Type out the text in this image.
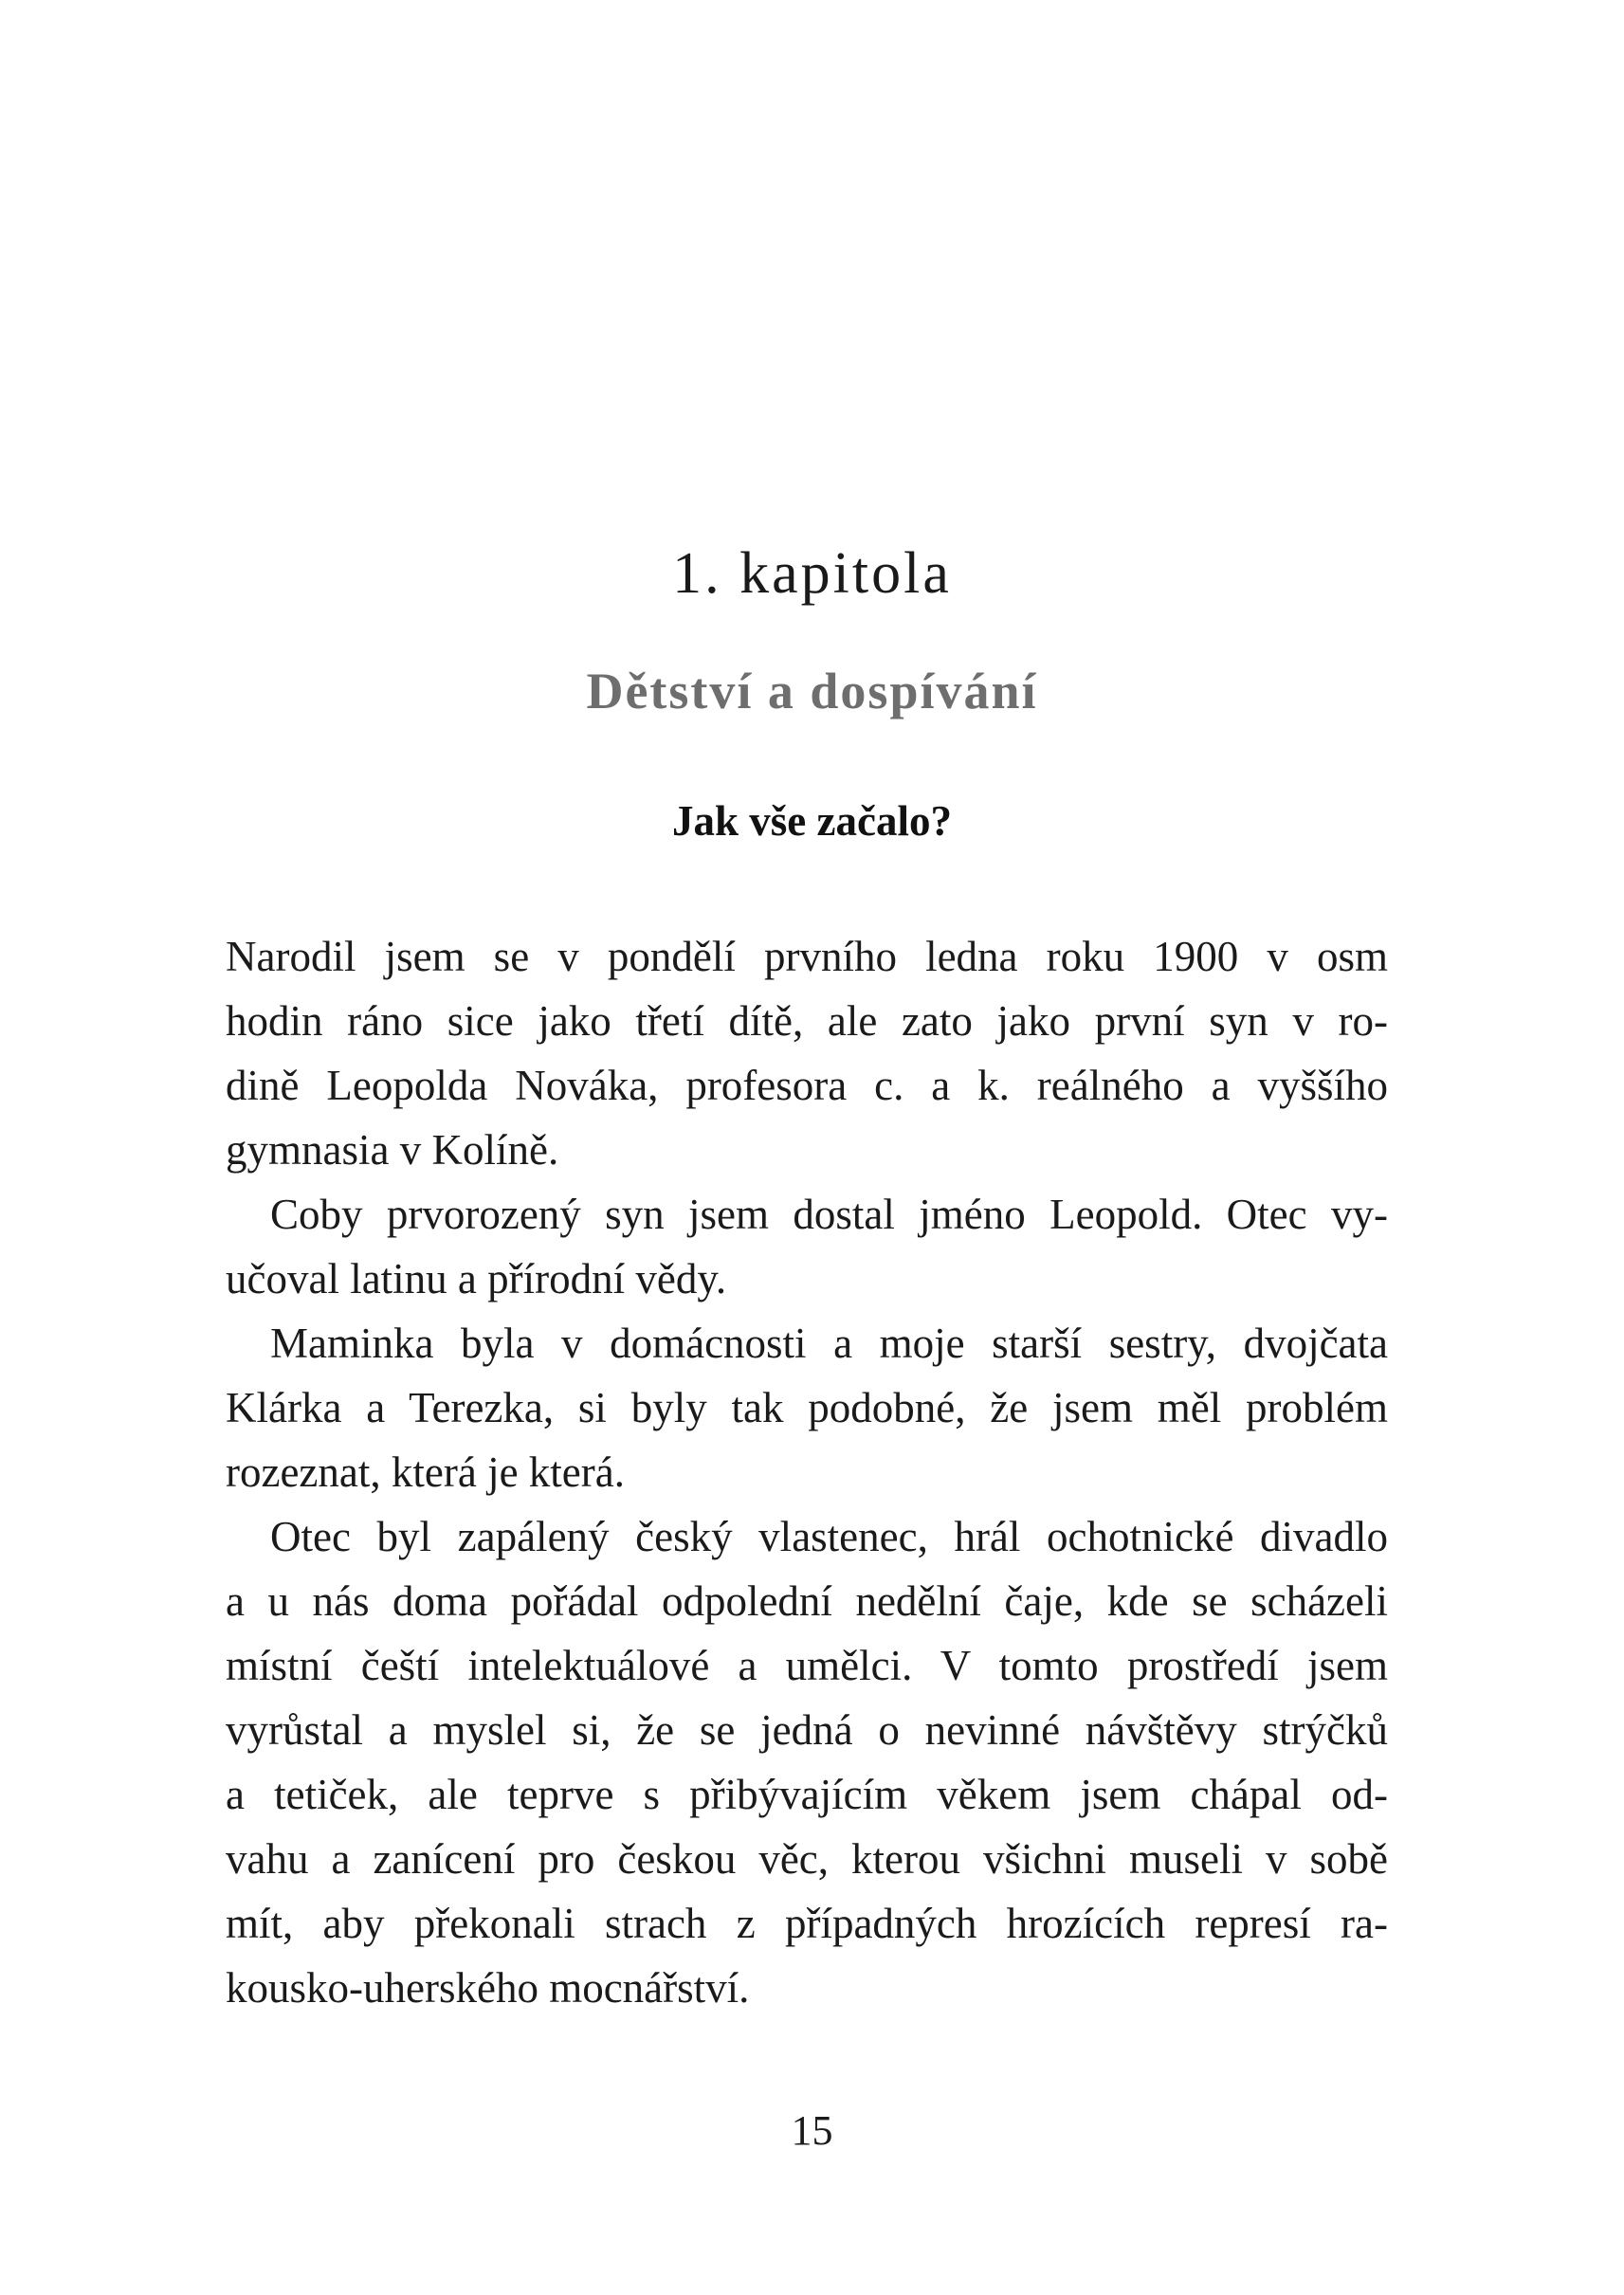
1. kapitola
Dětství a dospívání
Jak vše začalo?

Narodil jsem se v pondělí prvního ledna roku 1900 v osm
hodin ráno sice jako třetí dítě, ale zato jako první syn v ro-
dině Leopolda Nováka, profesora c. a k. reálného a vyššího
gymnasia v Kolíně.

Coby prvorozený syn jsem dostal jméno Leopold. Otec vy-
učoval latinu a přírodní vědy.

Maminka byla v domácnosti a moje starší sestry, dvojčata
Klárka a Terezka, si byly tak podobné, že jsem měl problém
rozeznat, která je která.

Otec byl zapálený český vlastenec, hrál ochotnické divadlo
a u nás doma pořádal odpolední nedělní čaje, kde se scházeli
místní čeští intelektuálové a umělci. V tomto prostředí jsem
vyrůstal a myslel si, že se jedná o nevinné návštěvy strýčků
a tetiček, ale teprve s přibývajícím věkem jsem chápal od-
vahu a zanícení pro českou věc, kterou všichni museli v sobě
mít, aby překonali strach z případných hrozících represí ra-
kousko-uherského mocnářství.

15
